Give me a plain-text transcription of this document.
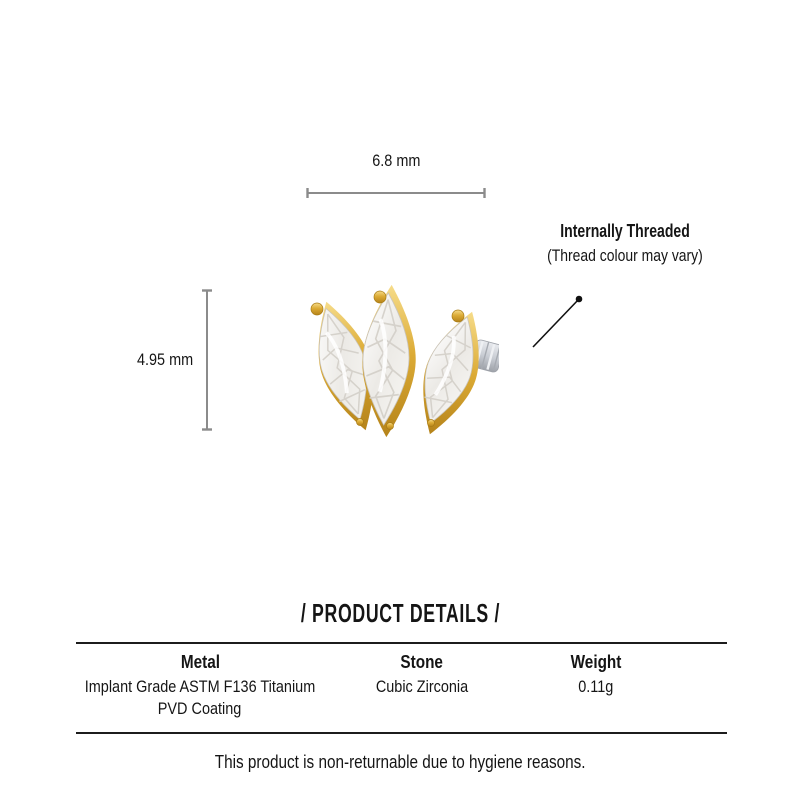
6.8 mm
4.95 mm
Internally Threaded
(Thread colour may vary)
/ PRODUCT DETAILS /
Metal
Implant Grade ASTM F136 Titanium
PVD Coating
Stone
Cubic Zirconia
Weight
0.11g
This product is non-returnable due to hygiene reasons.
